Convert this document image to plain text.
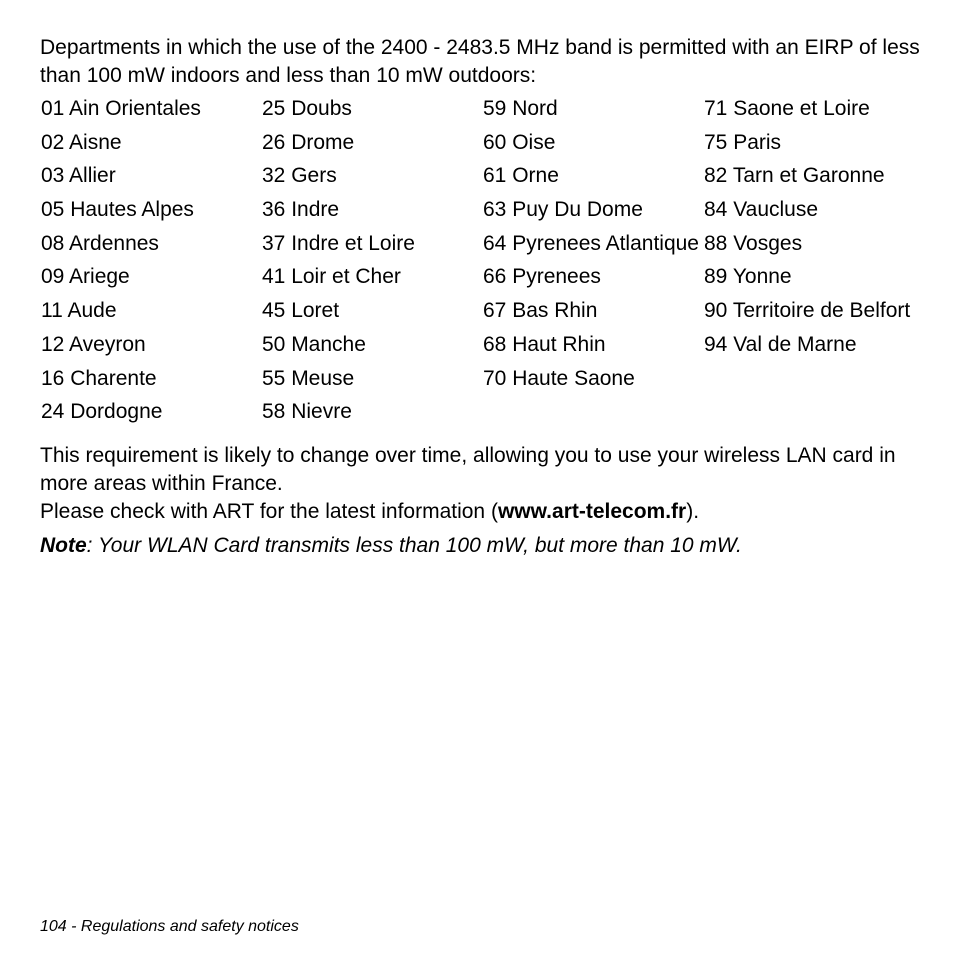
Departments in which the use of the 2400 - 2483.5 MHz band is permitted with an EIRP of less than 100 mW indoors and less than 10 mW outdoors:

01 Ain Orientales
02 Aisne
03 Allier
05 Hautes Alpes
08 Ardennes
09 Ariege
11 Aude
12 Aveyron
16 Charente
24 Dordogne
25 Doubs
26 Drome
32 Gers
36 Indre
37 Indre et Loire
41 Loir et Cher
45 Loret
50 Manche
55 Meuse
58 Nievre
59 Nord
60 Oise
61 Orne
63 Puy Du Dome
64 Pyrenees Atlantique
66 Pyrenees
67 Bas Rhin
68 Haut Rhin
70 Haute Saone
71 Saone et Loire
75 Paris
82 Tarn et Garonne
84 Vaucluse
88 Vosges
89 Yonne
90 Territoire de Belfort
94 Val de Marne

This requirement is likely to change over time, allowing you to use your wireless LAN card in more areas within France.

Please check with ART for the latest information (www.art-telecom.fr).

Note: Your WLAN Card transmits less than 100 mW, but more than 10 mW.

104 - Regulations and safety notices
